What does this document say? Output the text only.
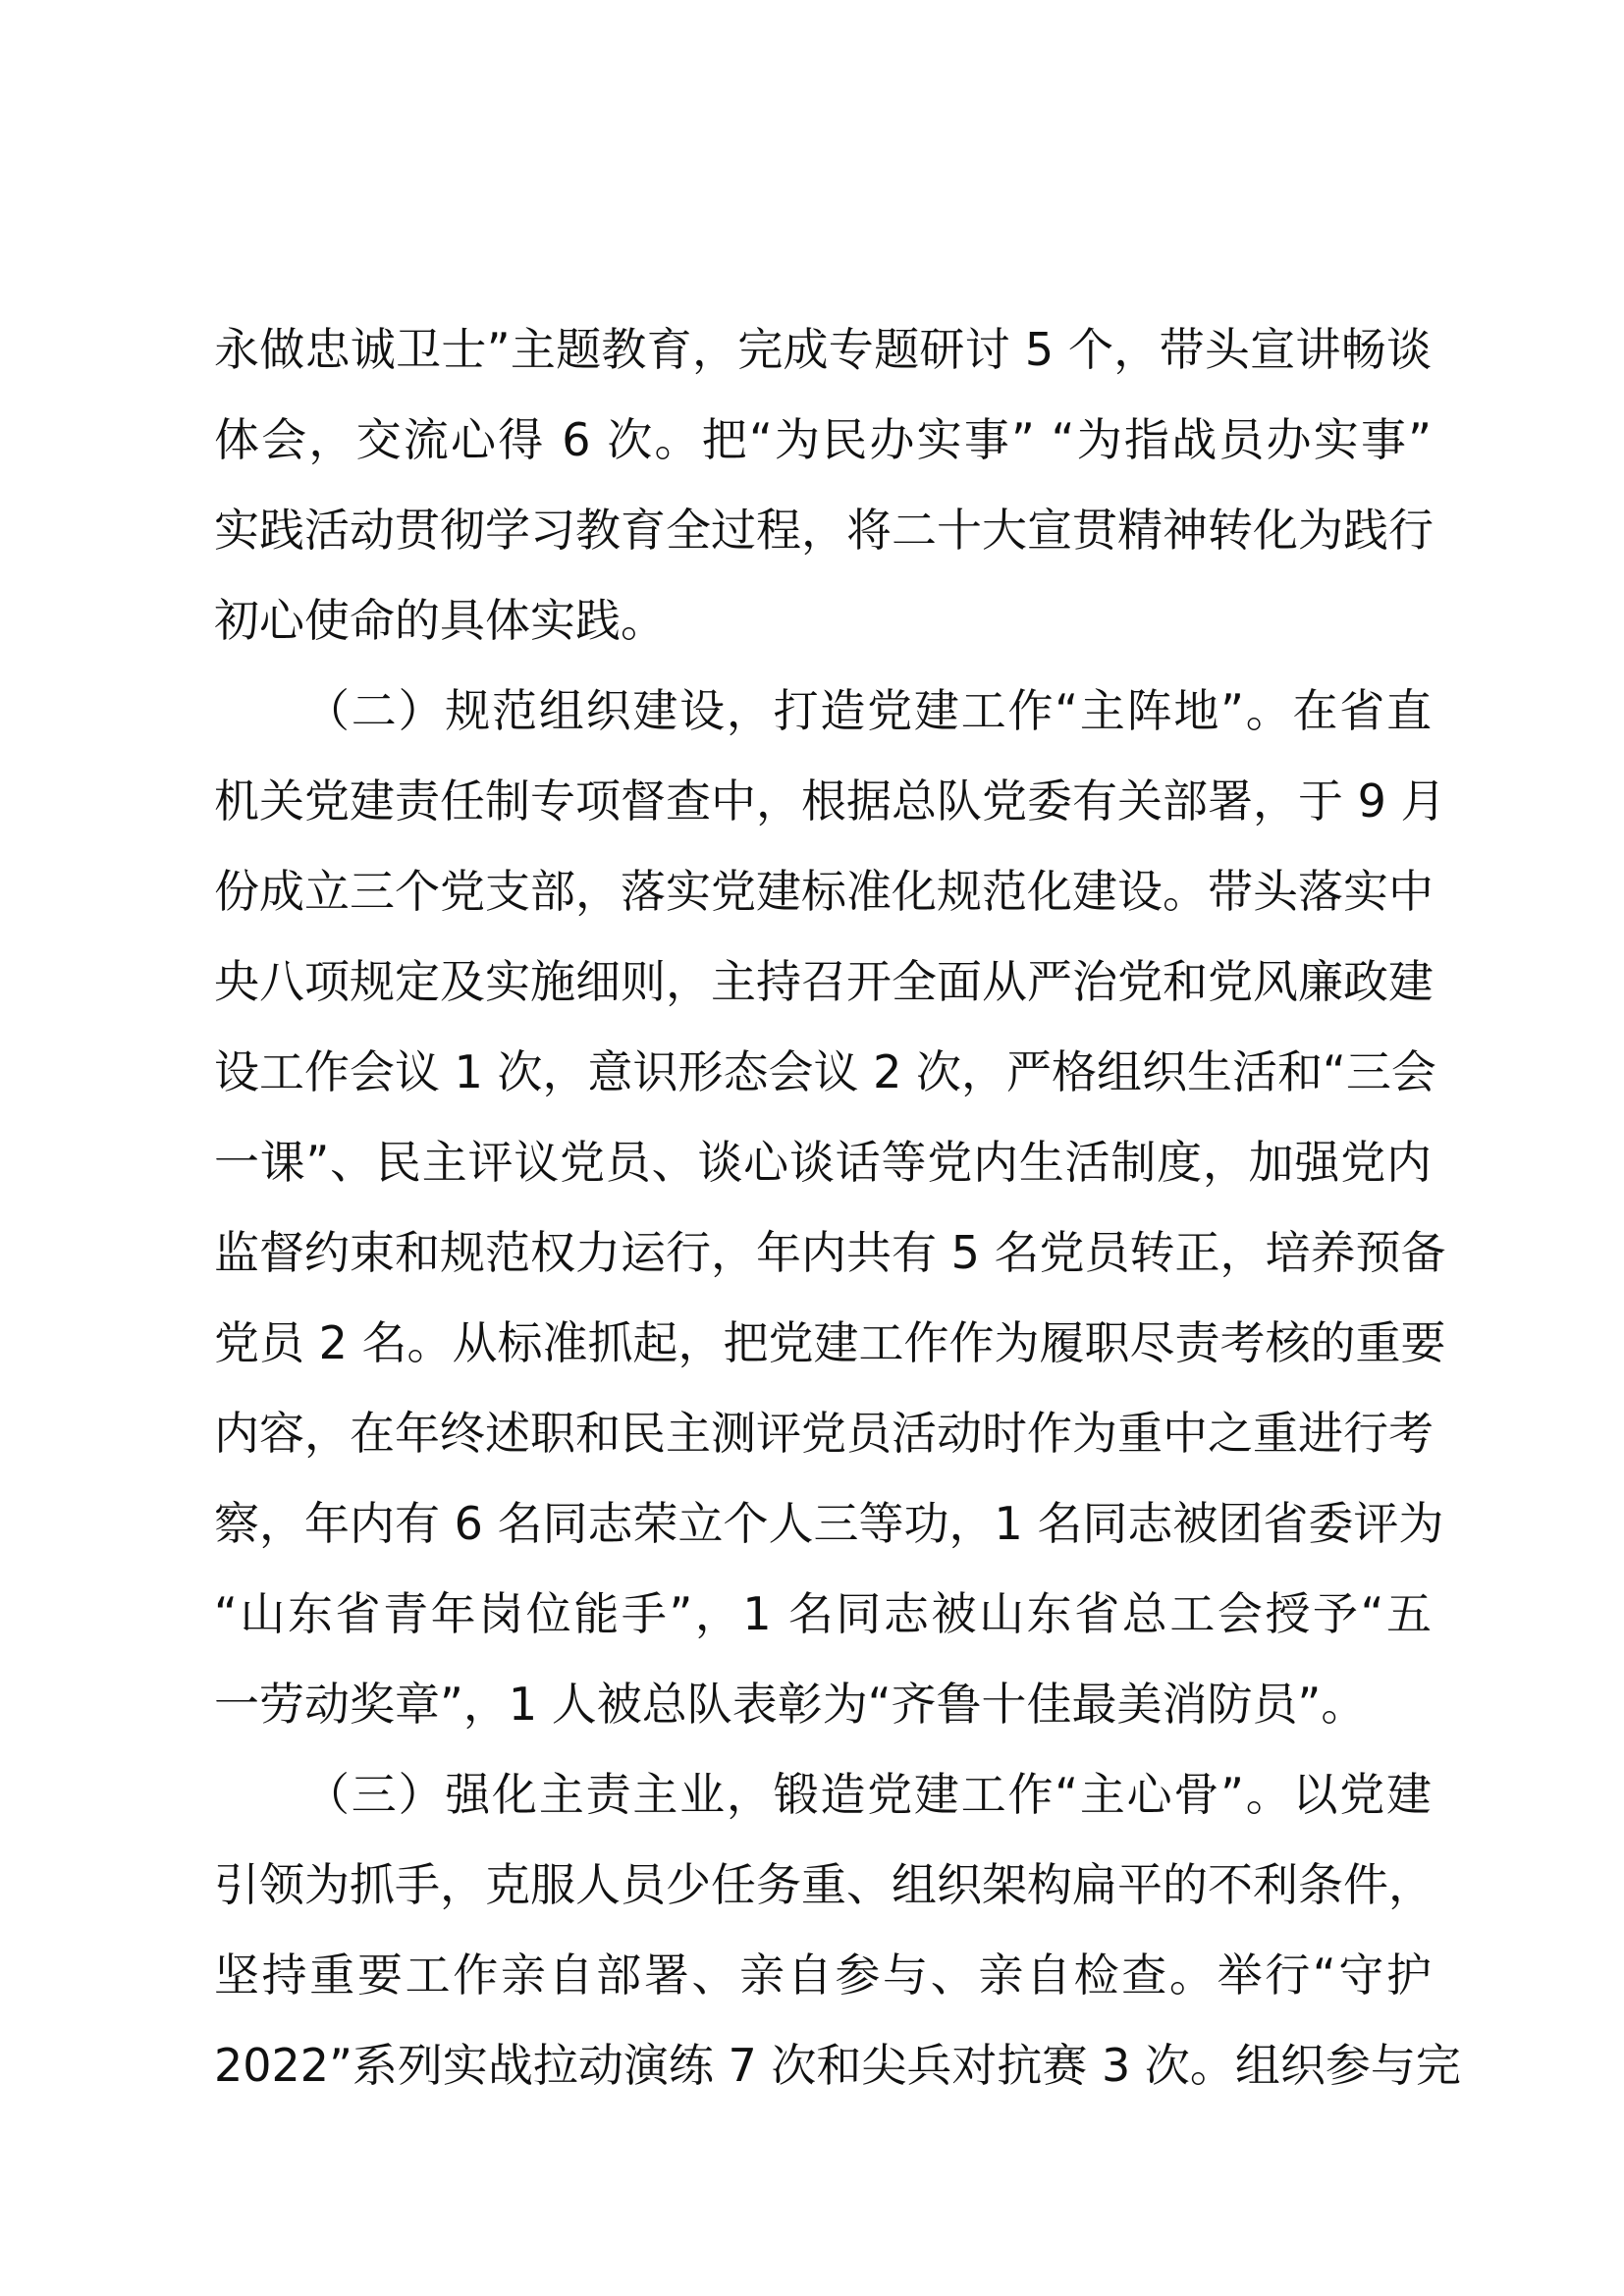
永做忠诚卫士”主题教育，完成专题研讨 5 个，带头宣讲畅谈
体会，交流心得 6 次。把“为民办实事” “为指战员办实事”
实践活动贯彻学习教育全过程，将二十大宣贯精神转化为践行
初心使命的具体实践。
（二）规范组织建设，打造党建工作“主阵地”。在省直
机关党建责任制专项督查中，根据总队党委有关部署，于 9 月
份成立三个党支部，落实党建标准化规范化建设。带头落实中
央八项规定及实施细则，主持召开全面从严治党和党风廉政建
设工作会议 1 次，意识形态会议 2 次，严格组织生活和“三会
一课”、民主评议党员、谈心谈话等党内生活制度，加强党内
监督约束和规范权力运行，年内共有 5 名党员转正，培养预备
党员 2 名。从标准抓起，把党建工作作为履职尽责考核的重要
内容，在年终述职和民主测评党员活动时作为重中之重进行考
察，年内有 6 名同志荣立个人三等功，1 名同志被团省委评为
“山东省青年岗位能手”，1 名同志被山东省总工会授予“五
一劳动奖章”，1 人被总队表彰为“齐鲁十佳最美消防员”。
（三）强化主责主业，锻造党建工作“主心骨”。以党建
引领为抓手，克服人员少任务重、组织架构扁平的不利条件，
坚持重要工作亲自部署、亲自参与、亲自检查。举行“守护
2022”系列实战拉动演练 7 次和尖兵对抗赛 3 次。组织参与完
